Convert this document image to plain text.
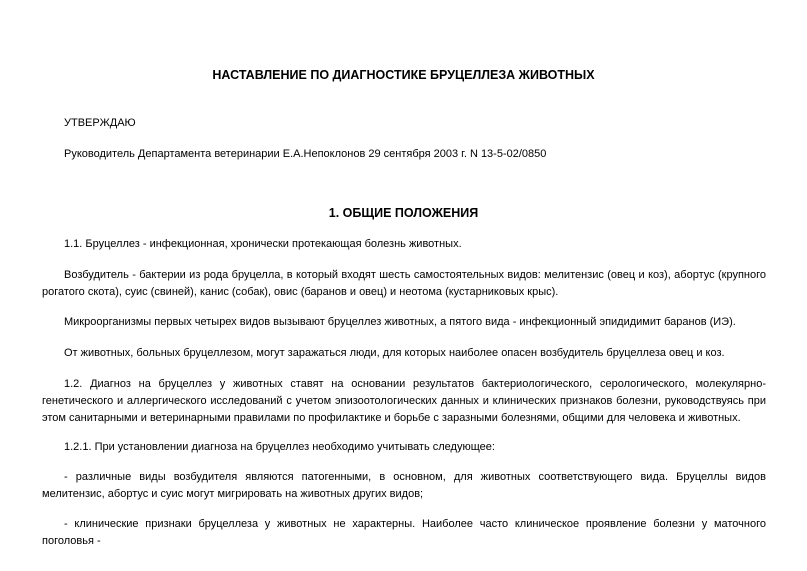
НАСТАВЛЕНИЕ ПО ДИАГНОСТИКЕ БРУЦЕЛЛЕЗА ЖИВОТНЫХ

УТВЕРЖДАЮ

Руководитель Департамента ветеринарии Е.А.Непоклонов 29 сентября 2003 г. N 13-5-02/0850

1. ОБЩИЕ ПОЛОЖЕНИЯ

1.1. Бруцеллез - инфекционная, хронически протекающая болезнь животных.

Возбудитель - бактерии из рода бруцелла, в который входят шесть самостоятельных видов: мелитензис (овец и коз), абортус (крупного рогатого скота), суис (свиней), канис (собак), овис (баранов и овец) и неотома (кустарниковых крыс).

Микроорганизмы первых четырех видов вызывают бруцеллез животных, а пятого вида - инфекционный эпидидимит баранов (ИЭ).

От животных, больных бруцеллезом, могут заражаться люди, для которых наиболее опасен возбудитель бруцеллеза овец и коз.

1.2. Диагноз на бруцеллез у животных ставят на основании результатов бактериологического, серологического, молекулярно-генетического и аллергического исследований с учетом эпизоотологических данных и клинических признаков болезни, руководствуясь при этом санитарными и ветеринарными правилами по профилактике и борьбе с заразными болезнями, общими для человека и животных.

1.2.1. При установлении диагноза на бруцеллез необходимо учитывать следующее:

- различные виды возбудителя являются патогенными, в основном, для животных соответствующего вида. Бруцеллы видов мелитензис, абортус и суис могут мигрировать на животных других видов;

- клинические признаки бруцеллеза у животных не характерны. Наиболее часто клиническое проявление болезни у маточного поголовья -
